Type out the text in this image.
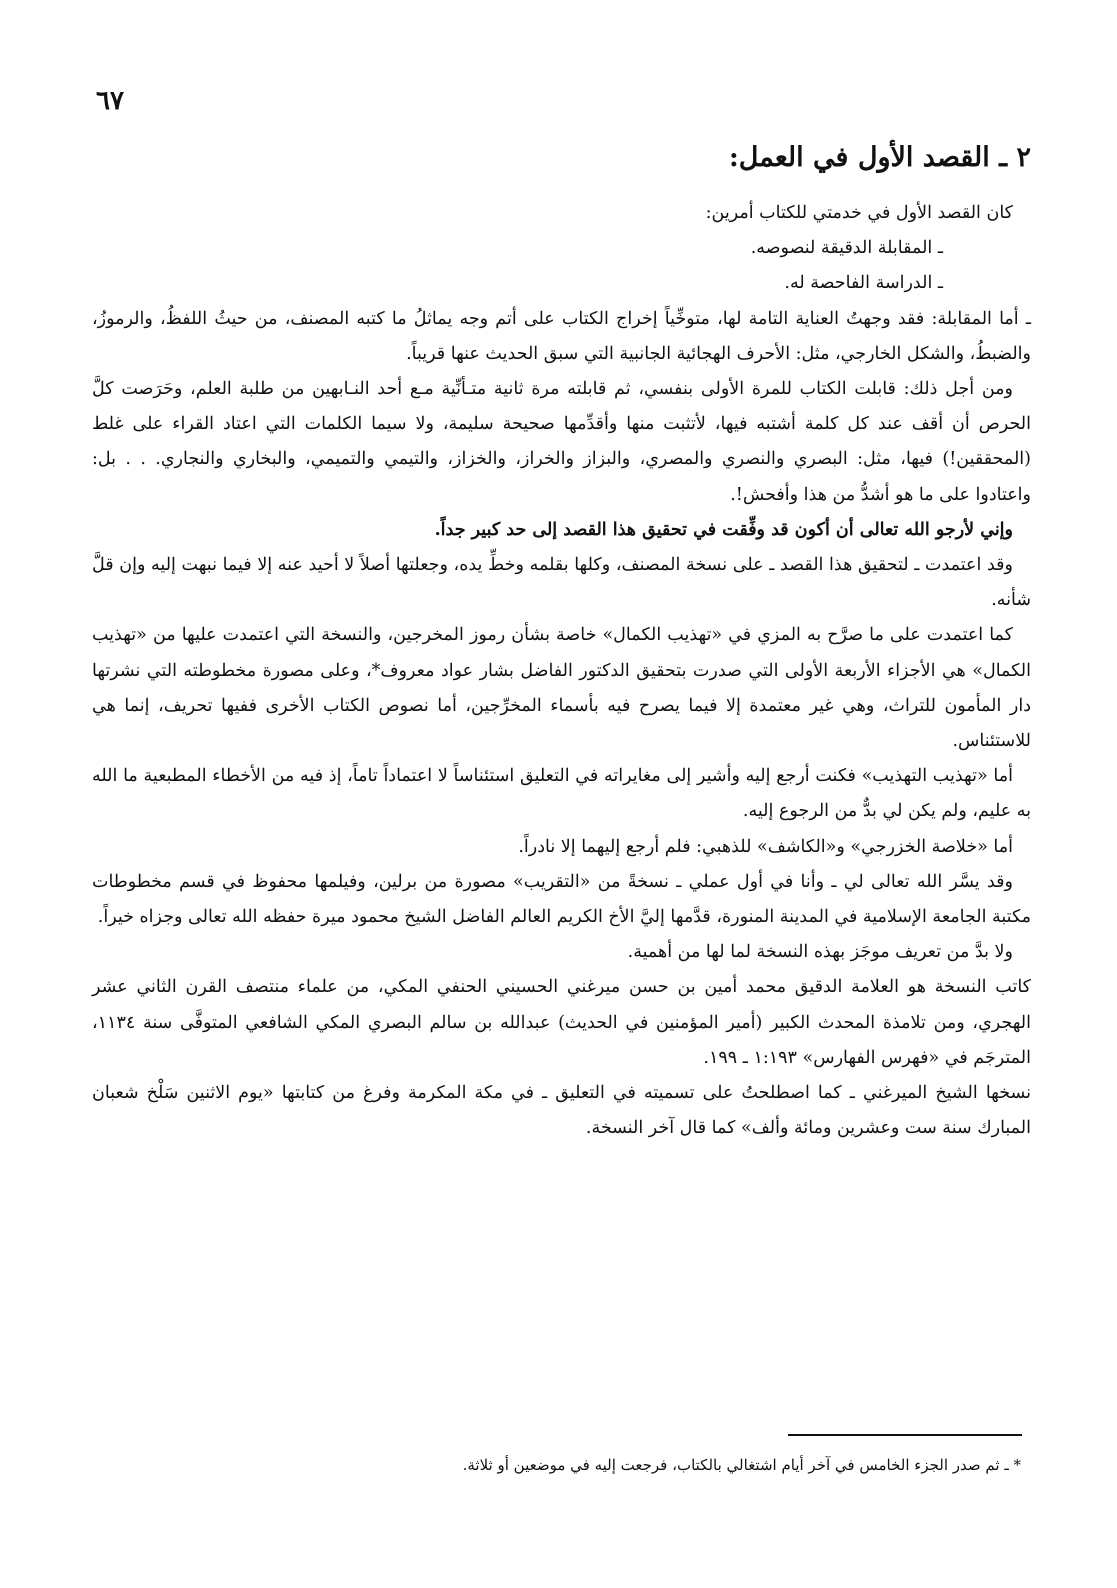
٦٧
٢ ـ القصد الأول في العمل:

كان القصد الأول في خدمتي للكتاب أمرين:

ـ المقابلة الدقيقة لنصوصه.

ـ الدراسة الفاحصة له.

ـ أما المقابلة: فقد وجهتُ العناية التامة لها، متوخِّياً إخراج الكتاب على أتم وجه يماثلُ ما كتبه المصنف، من حيثُ اللفظُ، والرموزُ، والضبطُ، والشكل الخارجي، مثل: الأحرف الهجائية الجانبية التي سبق الحديث عنها قريباً.

ومن أجل ذلك: قابلت الكتاب للمرة الأولى بنفسي، ثم قابلته مرة ثانية متـأنِّية مـع أحد النـابهين من طلبة العلم، وحَرَصت كلَّ الحرص أن أقف عند كل كلمة أشتبه فيها، لأتثبت منها وأقدِّمها صحيحة سليمة، ولا سيما الكلمات التي اعتاد القراء على غلط (المحققين!) فيها، مثل: البصري والنصري والمصري، والبزاز والخراز، والخزاز، والتيمي والتميمي، والبخاري والنجاري. . . بل: واعتادوا على ما هو أشدُّ من هذا وأفحش!.

وإني لأرجو الله تعالى أن أكون قد وفِّقت في تحقيق هذا القصد إلى حد كبير جداً.

وقد اعتمدت ـ لتحقيق هذا القصد ـ على نسخة المصنف، وكلها بقلمه وخطِّ يده، وجعلتها أصلاً لا أحيد عنه إلا فيما نبهت إليه وإن قلَّ شأنه.

كما اعتمدت على ما صرَّح به المزي في «تهذيب الكمال» خاصة بشأن رموز المخرجين، والنسخة التي اعتمدت عليها من «تهذيب الكمال» هي الأجزاء الأربعة الأولى التي صدرت بتحقيق الدكتور الفاضل بشار عواد معروف*، وعلى مصورة مخطوطته التي نشرتها دار المأمون للتراث، وهي غير معتمدة إلا فيما يصرح فيه بأسماء المخرِّجين، أما نصوص الكتاب الأخرى ففيها تحريف، إنما هي للاستئناس.

أما «تهذيب التهذيب» فكنت أرجع إليه وأشير إلى مغايراته في التعليق استئناساً لا اعتماداً تاماً، إذ فيه من الأخطاء المطبعية ما الله به عليم، ولم يكن لي بدٌّ من الرجوع إليه.

أما «خلاصة الخزرجي» و«الكاشف» للذهبي: فلم أرجع إليهما إلا نادراً.

وقد يسَّر الله تعالى لي ـ وأنا في أول عملي ـ نسخةً من «التقريب» مصورة من برلين، وفيلمها محفوظ في قسم مخطوطات مكتبة الجامعة الإسلامية في المدينة المنورة، قدَّمها إليَّ الأخ الكريم العالم الفاضل الشيخ محمود ميرة حفظه الله تعالى وجزاه خيراً.

ولا بدَّ من تعريف موجَز بهذه النسخة لما لها من أهمية.

كاتب النسخة هو العلامة الدقيق محمد أمين بن حسن ميرغني الحسيني الحنفي المكي، من علماء منتصف القرن الثاني عشر الهجري، ومن تلامذة المحدث الكبير (أمير المؤمنين في الحديث) عبدالله بن سالم البصري المكي الشافعي المتوفَّى سنة ١١٣٤، المترجَم في «فهرس الفهارس» ١:١٩٣ ـ ١٩٩.

نسخها الشيخ الميرغني ـ كما اصطلحتُ على تسميته في التعليق ـ في مكة المكرمة وفرغ من كتابتها «يوم الاثنين سَلْخ شعبان المبارك سنة ست وعشرين ومائة وألف» كما قال آخر النسخة.

* ـ ثم صدر الجزء الخامس في آخر أيام اشتغالي بالكتاب، فرجعت إليه في موضعين أو ثلاثة.
